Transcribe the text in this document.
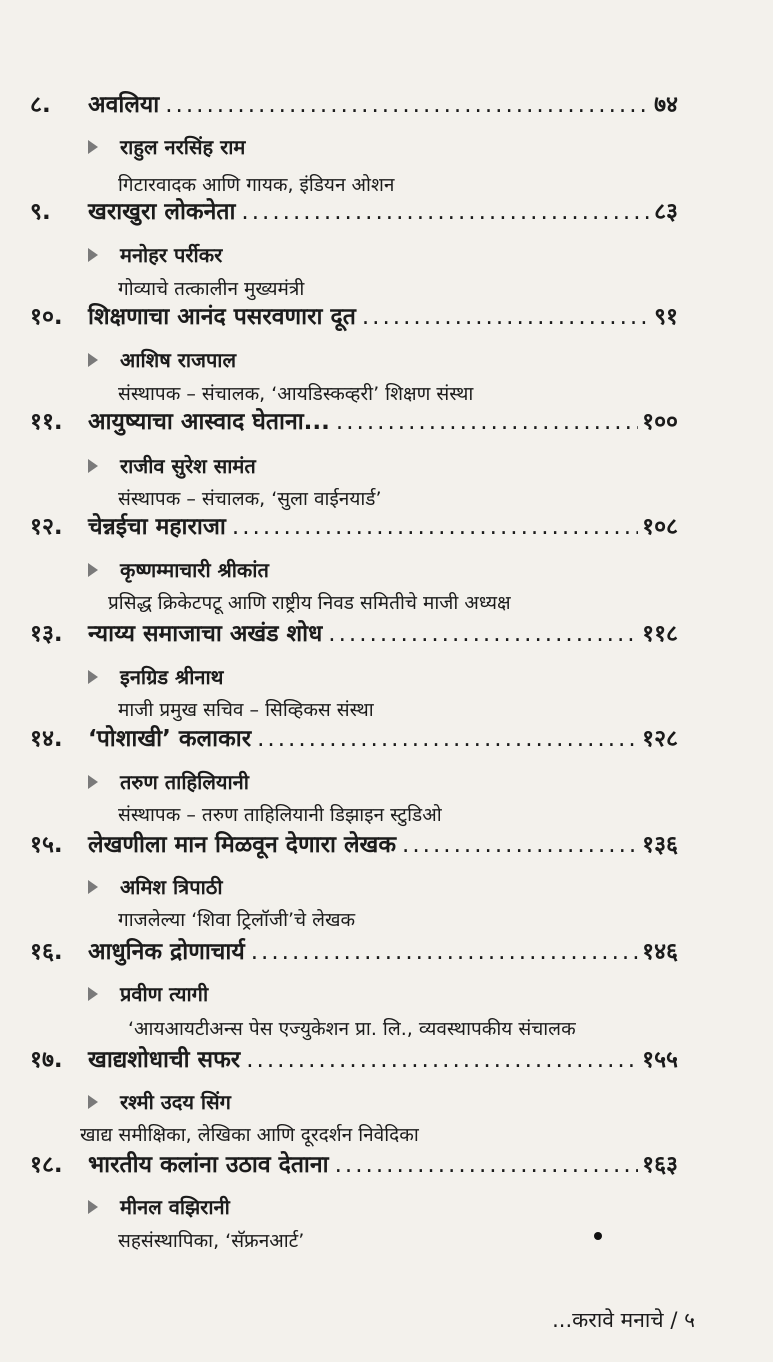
८.	अवलिया .....	७४
राहुल नरसिंह राम
गिटारवादक आणि गायक, इंडियन ओशन
९.	खराखुरा लोकनेता .....	८३
मनोहर पर्रीकर
गोव्याचे तत्कालीन मुख्यमंत्री
१०.	शिक्षणाचा आनंद पसरवणारा दूत .....	९१
आशिष राजपाल
संस्थापक – संचालक, ‘आयडिस्कव्हरी’ शिक्षण संस्था
११.	आयुष्याचा आस्वाद घेताना... .....	१००
राजीव सुरेश सामंत
संस्थापक – संचालक, ‘सुला वाईनयार्ड’
१२.	चेन्नईचा महाराजा .....	१०८
कृष्णम्माचारी श्रीकांत
प्रसिद्ध क्रिकेटपटू आणि राष्ट्रीय निवड समितीचे माजी अध्यक्ष
१३.	न्याय्य समाजाचा अखंड शोध .....	११८
इनग्रिड श्रीनाथ
माजी प्रमुख सचिव – सिव्हिकस संस्था
१४.	‘पोशाखी’ कलाकार .....	१२८
तरुण ताहिलियानी
संस्थापक – तरुण ताहिलियानी डिझाइन स्टुडिओ
१५.	लेखणीला मान मिळवून देणारा लेखक .....	१३६
अमिश त्रिपाठी
गाजलेल्या ‘शिवा ट्रिलॉजी’चे लेखक
१६.	आधुनिक द्रोणाचार्य .....	१४६
प्रवीण त्यागी
‘आयआयटीअन्स पेस एज्युकेशन प्रा. लि., व्यवस्थापकीय संचालक
१७.	खाद्यशोधाची सफर .....	१५५
रश्मी उदय सिंग
खाद्य समीक्षिका, लेखिका आणि दूरदर्शन निवेदिका
१८.	भारतीय कलांना उठाव देताना .....	१६३
मीनल वझिरानी
सहसंस्थापिका, ‘सॅफ्रनआर्ट’
...करावे मनाचे / ५
